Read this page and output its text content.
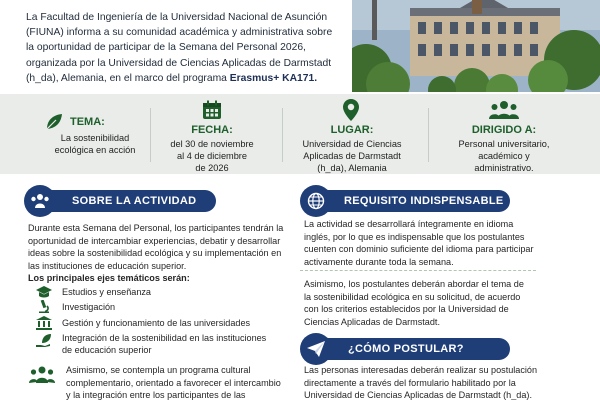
La Facultad de Ingeniería de la Universidad Nacional de Asunción
(FIUNA) informa a su comunidad académica y administrativa sobre
la oportunidad de participar de la Semana del Personal 2026,
organizada por la Universidad de Ciencias Aplicadas de Darmstadt
(h_da), Alemania, en el marco del programa Erasmus+ KA171.
TEMA:
La sostenibilidad
ecológica en acción
FECHA:
del 30 de noviembre
al 4 de diciembre
de 2026
LUGAR:
Universidad de Ciencias
Aplicadas de Darmstadt
(h_da), Alemania
DIRIGIDO A:
Personal universitario,
académico y
administrativo.
SOBRE LA ACTIVIDAD
Durante esta Semana del Personal, los participantes tendrán la
oportunidad de intercambiar experiencias, debatir y desarrollar
ideas sobre la sostenibilidad ecológica y su implementación en
las instituciones de educación superior.
Los principales ejes temáticos serán:
Estudios y enseñanza
Investigación
Gestión y funcionamiento de las universidades
Integración de la sostenibilidad en las instituciones
de educación superior
Asimismo, se contempla un programa cultural
complementario, orientado a favorecer el intercambio
y la integración entre los participantes de las
REQUISITO INDISPENSABLE
La actividad se desarrollará íntegramente en idioma
inglés, por lo que es indispensable que los postulantes
cuenten con dominio suficiente del idioma para participar
activamente durante toda la semana.
Asimismo, los postulantes deberán abordar el tema de
la sostenibilidad ecológica en su solicitud, de acuerdo
con los criterios establecidos por la Universidad de
Ciencias Aplicadas de Darmstadt.
¿CÓMO POSTULAR?
Las personas interesadas deberán realizar su postulación
directamente a través del formulario habilitado por la
Universidad de Ciencias Aplicadas de Darmstadt (h_da).
